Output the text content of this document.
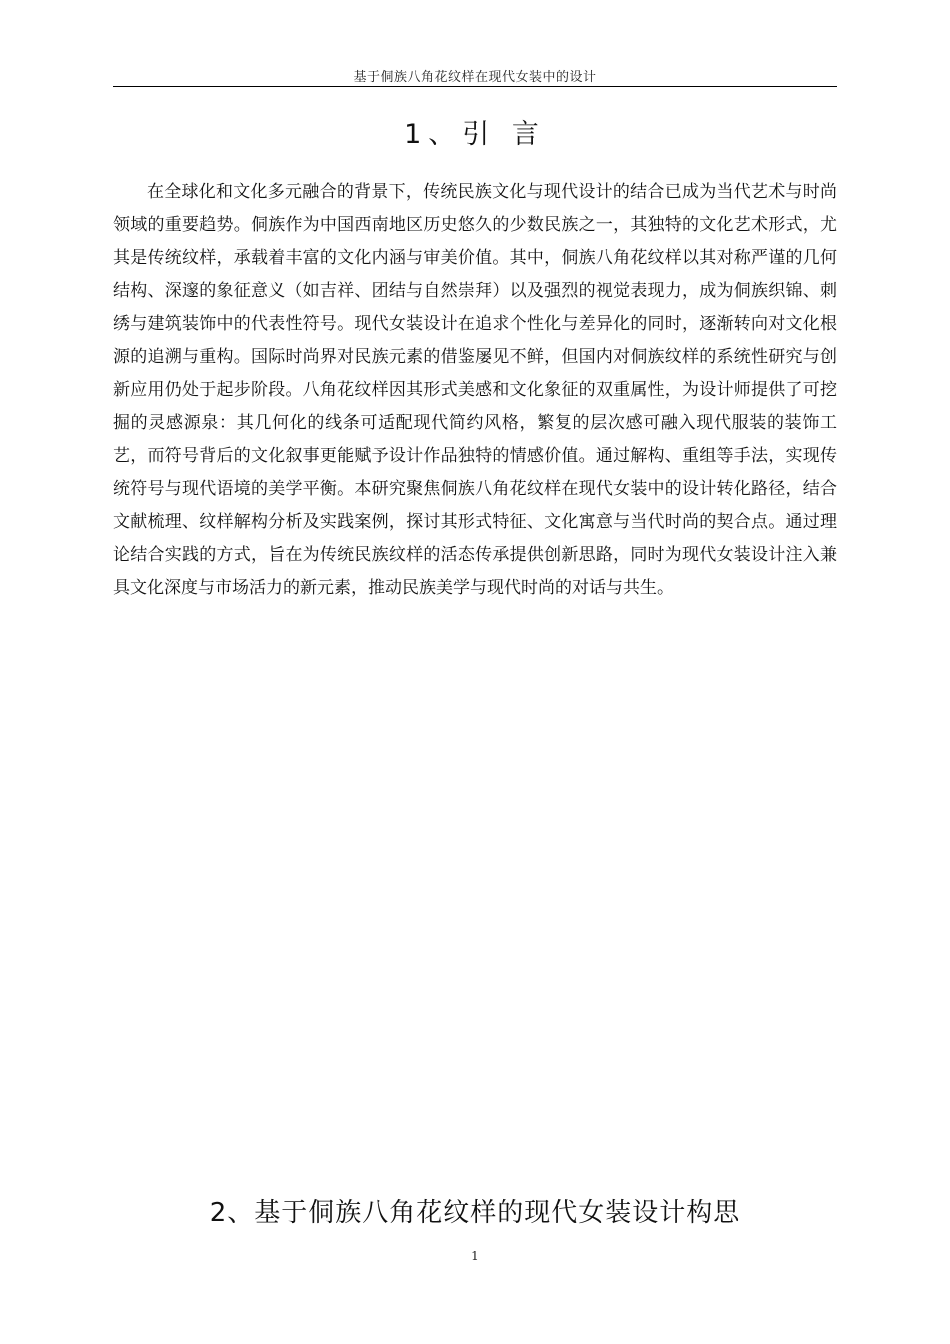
基于侗族八角花纹样在现代女装中的设计
1、引 言

在全球化和文化多元融合的背景下，传统民族文化与现代设计的结合已成为当代艺术与时尚领域的重要趋势。侗族作为中国西南地区历史悠久的少数民族之一，其独特的文化艺术形式，尤其是传统纹样，承载着丰富的文化内涵与审美价值。其中，侗族八角花纹样以其对称严谨的几何结构、深邃的象征意义（如吉祥、团结与自然崇拜）以及强烈的视觉表现力，成为侗族织锦、刺绣与建筑装饰中的代表性符号。现代女装设计在追求个性化与差异化的同时，逐渐转向对文化根源的追溯与重构。国际时尚界对民族元素的借鉴屡见不鲜，但国内对侗族纹样的系统性研究与创新应用仍处于起步阶段。八角花纹样因其形式美感和文化象征的双重属性，为设计师提供了可挖掘的灵感源泉：其几何化的线条可适配现代简约风格，繁复的层次感可融入现代服装的装饰工艺，而符号背后的文化叙事更能赋予设计作品独特的情感价值。通过解构、重组等手法，实现传统符号与现代语境的美学平衡。本研究聚焦侗族八角花纹样在现代女装中的设计转化路径，结合文献梳理、纹样解构分析及实践案例，探讨其形式特征、文化寓意与当代时尚的契合点。通过理论结合实践的方式，旨在为传统民族纹样的活态传承提供创新思路，同时为现代女装设计注入兼具文化深度与市场活力的新元素，推动民族美学与现代时尚的对话与共生。

2、基于侗族八角花纹样的现代女装设计构思
1
